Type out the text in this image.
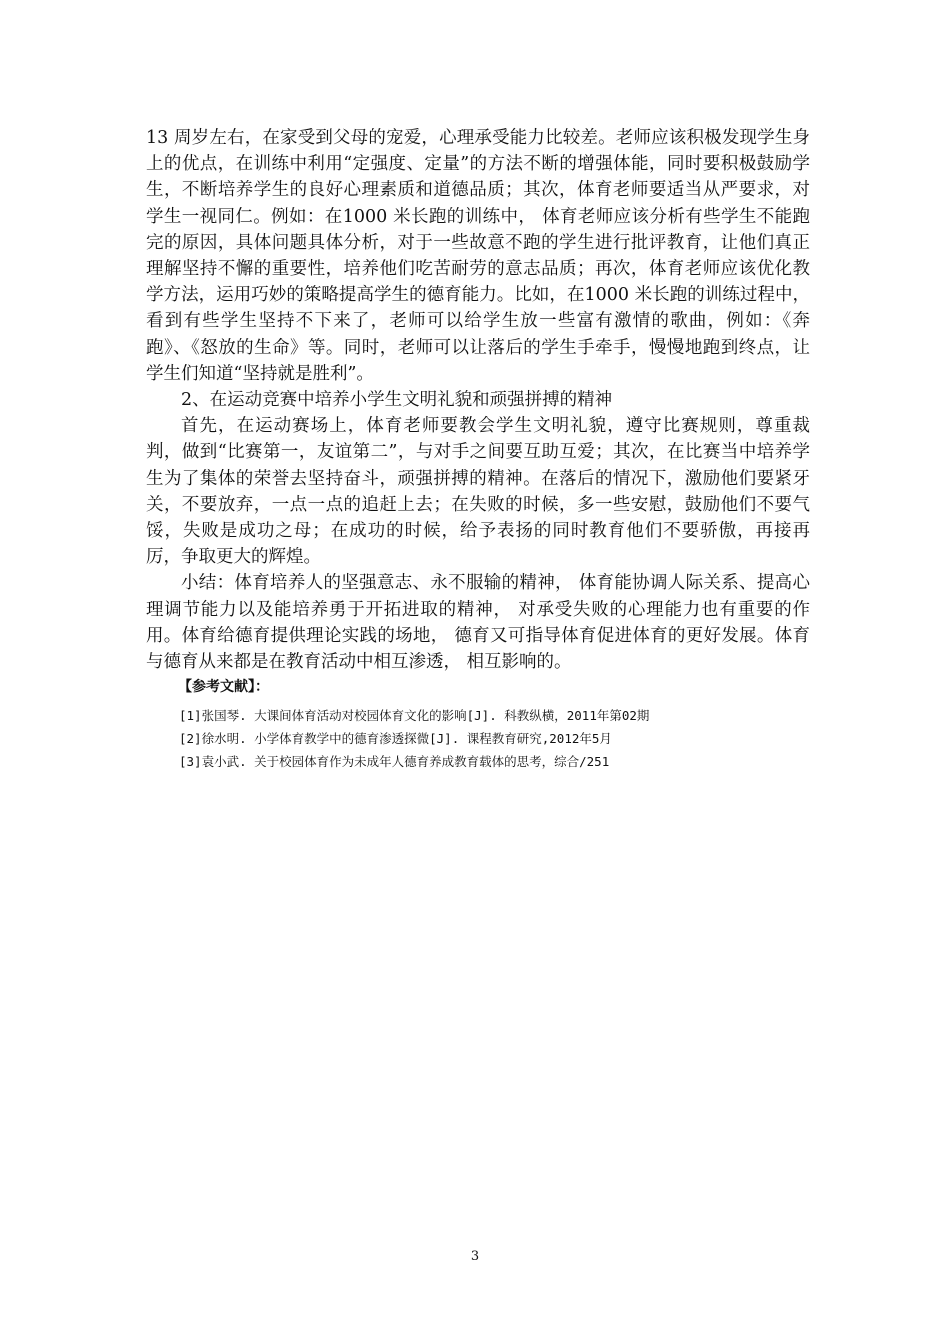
13 周岁左右，在家受到父母的宠爱，心理承受能力比较差。老师应该积极发现学生身上的优点，在训练中利用“定强度、定量”的方法不断的增强体能，同时要积极鼓励学生，不断培养学生的良好心理素质和道德品质；其次，体育老师要适当从严要求，对学生一视同仁。例如：在1000 米长跑的训练中， 体育老师应该分析有些学生不能跑完的原因，具体问题具体分析，对于一些故意不跑的学生进行批评教育，让他们真正理解坚持不懈的重要性，培养他们吃苦耐劳的意志品质；再次，体育老师应该优化教学方法，运用巧妙的策略提高学生的德育能力。比如，在1000 米长跑的训练过程中，看到有些学生坚持不下来了，老师可以给学生放一些富有激情的歌曲，例如：《奔跑》、《怒放的生命》等。同时，老师可以让落后的学生手牵手，慢慢地跑到终点，让学生们知道“坚持就是胜利”。

2、在运动竞赛中培养小学生文明礼貌和顽强拼搏的精神

首先，在运动赛场上，体育老师要教会学生文明礼貌，遵守比赛规则，尊重裁判，做到“比赛第一，友谊第二”，与对手之间要互助互爱；其次，在比赛当中培养学生为了集体的荣誉去坚持奋斗，顽强拼搏的精神。在落后的情况下，激励他们要紧牙关，不要放弃，一点一点的追赶上去；在失败的时候，多一些安慰，鼓励他们不要气馁，失败是成功之母；在成功的时候，给予表扬的同时教育他们不要骄傲，再接再厉，争取更大的辉煌。

小结：体育培养人的坚强意志、永不服输的精神， 体育能协调人际关系、提高心理调节能力以及能培养勇于开拓进取的精神， 对承受失败的心理能力也有重要的作用。体育给德育提供理论实践的场地， 德育又可指导体育促进体育的更好发展。体育与德育从来都是在教育活动中相互渗透， 相互影响的。

【参考文献】：
[1]张国琴. 大课间体育活动对校园体育文化的影响[J]. 科教纵横，2011年第02期
[2]徐水明. 小学体育教学中的德育渗透探微[J]. 课程教育研究,2012年5月
[3]袁小武. 关于校园体育作为未成年人德育养成教育载体的思考，综合/251
3
